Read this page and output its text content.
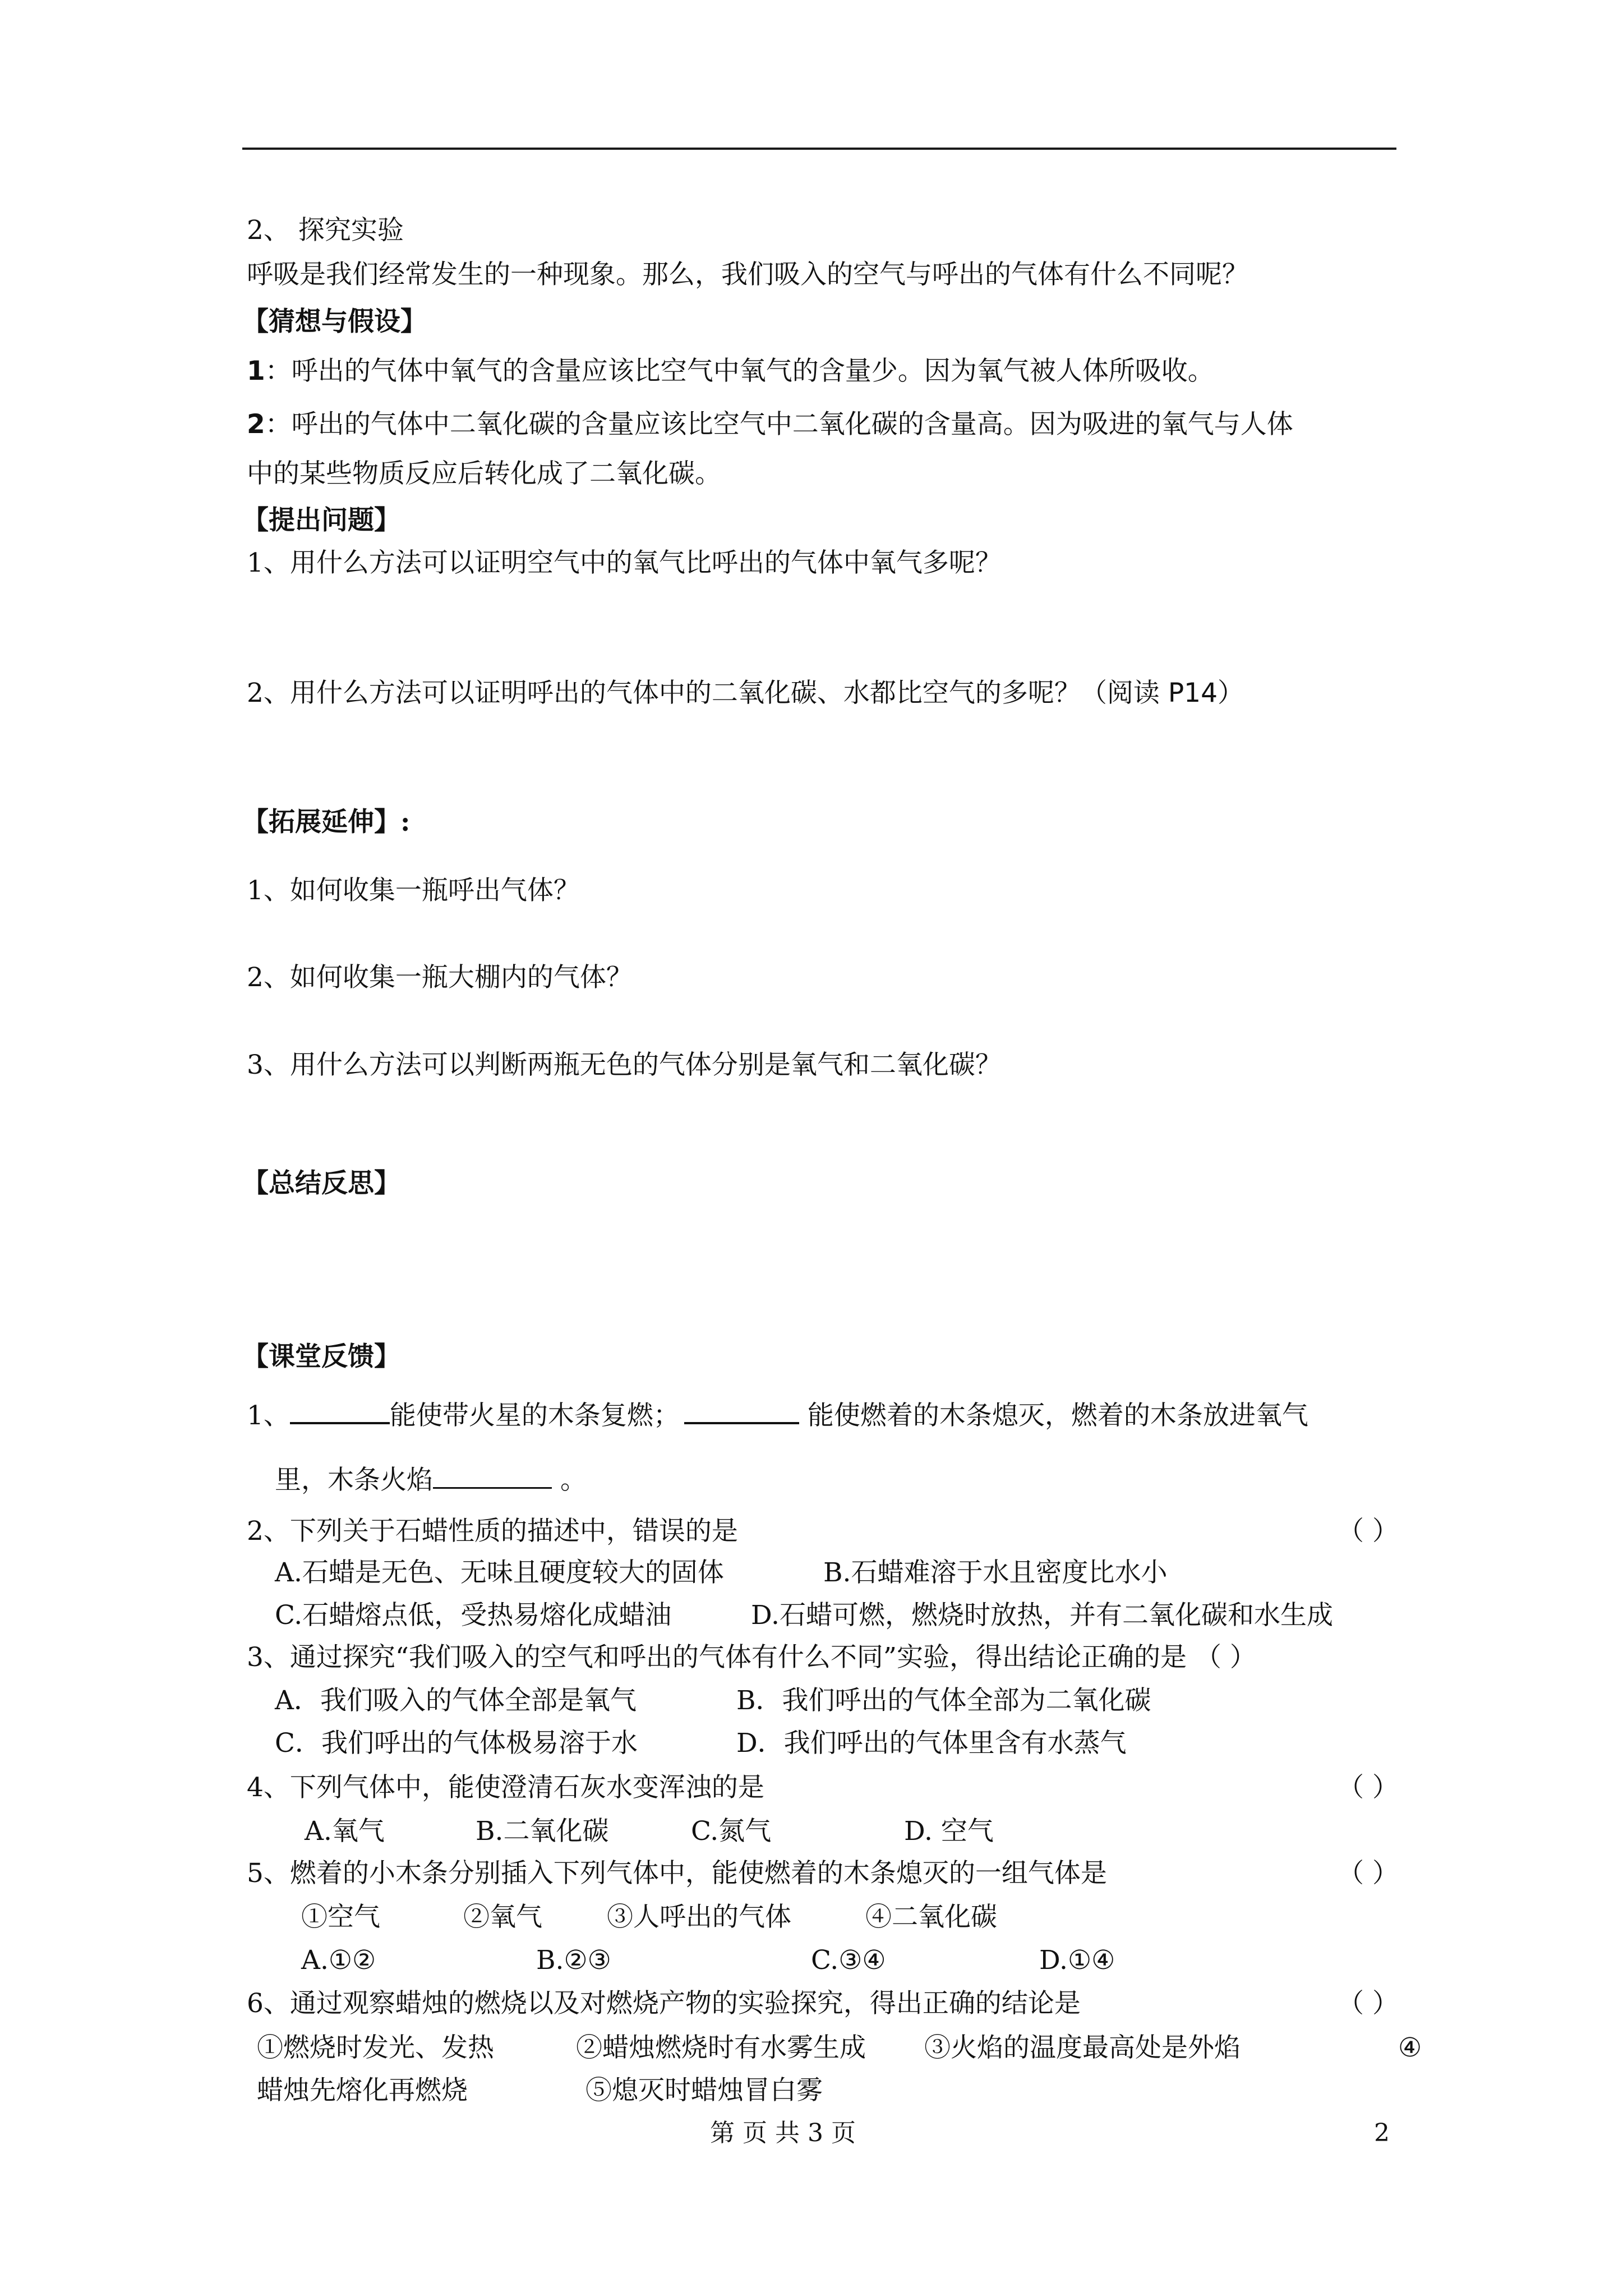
2、 探究实验
呼吸是我们经常发生的一种现象。那么，我们吸入的空气与呼出的气体有什么不同呢？
【猜想与假设】
1：呼出的气体中氧气的含量应该比空气中氧气的含量少。因为氧气被人体所吸收。
2：呼出的气体中二氧化碳的含量应该比空气中二氧化碳的含量高。因为吸进的氧气与人体
中的某些物质反应后转化成了二氧化碳。
【提出问题】
1、用什么方法可以证明空气中的氧气比呼出的气体中氧气多呢？
2、用什么方法可以证明呼出的气体中的二氧化碳、水都比空气的多呢？（阅读 P14）
【拓展延伸】:
1、如何收集一瓶呼出气体？
2、如何收集一瓶大棚内的气体？
3、用什么方法可以判断两瓶无色的气体分别是氧气和二氧化碳？
【总结反思】
【课堂反馈】
1、	能使带火星的木条复燃；	能使燃着的木条熄灭，燃着的木条放进氧气
里，木条火焰	。
2、下列关于石蜡性质的描述中，错误的是	（ ）
A.石蜡是无色、无味且硬度较大的固体	B.石蜡难溶于水且密度比水小
C.石蜡熔点低，受热易熔化成蜡油	D.石蜡可燃，燃烧时放热，并有二氧化碳和水生成
3、通过探究“我们吸入的空气和呼出的气体有什么不同”实验，得出结论正确的是 （ ）
A．我们吸入的气体全部是氧气	B．我们呼出的气体全部为二氧化碳
C．我们呼出的气体极易溶于水	D．我们呼出的气体里含有水蒸气
4、下列气体中，能使澄清石灰水变浑浊的是	（ ）
A.氧气	B.二氧化碳	C.氮气	D. 空气
5、燃着的小木条分别插入下列气体中，能使燃着的木条熄灭的一组气体是	（ ）
①空气	②氧气 ③人呼出的气体	④二氧化碳
A.①②	B.②③	C.③④	D.①④
6、通过观察蜡烛的燃烧以及对燃烧产物的实验探究，得出正确的结论是	（ ）
①燃烧时发光、发热	②蜡烛燃烧时有水雾生成 ③火焰的温度最高处是外焰	④
蜡烛先熔化再燃烧	⑤熄灭时蜡烛冒白雾
第 页 共 3 页	2
